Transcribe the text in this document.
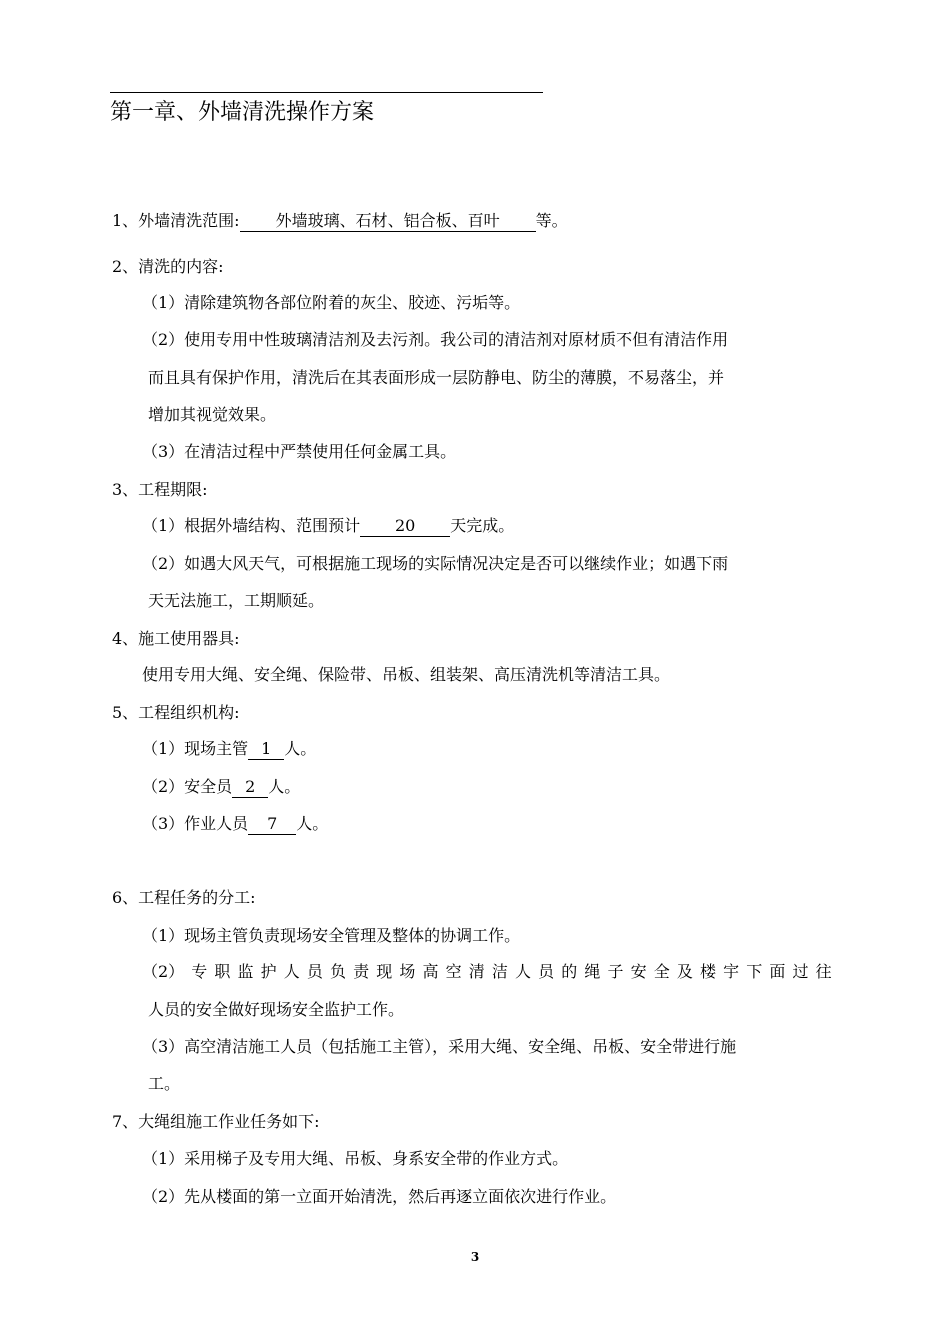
第一章、外墙清洗操作方案
1、外墙清洗范围: 外墙玻璃、石材、铝合板、百叶 等。
2、清洗的内容:
（1）清除建筑物各部位附着的灰尘、胶迹、污垢等。
（2）使用专用中性玻璃清洁剂及去污剂。我公司的清洁剂对原材质不但有清洁作用
而且具有保护作用，清洗后在其表面形成一层防静电、防尘的薄膜，不易落尘，并
增加其视觉效果。
（3）在清洁过程中严禁使用任何金属工具。
3、工程期限:
（1）根据外墙结构、范围预计 20 天完成。
（2）如遇大风天气，可根据施工现场的实际情况决定是否可以继续作业；如遇下雨
天无法施工，工期顺延。
4、施工使用器具:
使用专用大绳、安全绳、保险带、吊板、组装架、高压清洗机等清洁工具。
5、工程组织机构:
（1）现场主管 1 人。
（2）安全员 2 人。
（3）作业人员 7 人。
6、工程任务的分工:
（1）现场主管负责现场安全管理及整体的协调工作。
（2） 专 职 监 护 人 员 负 责 现 场 高 空 清 洁 人 员 的 绳 子 安 全 及 楼 宇 下 面 过 往
人员的安全做好现场安全监护工作。
（3）高空清洁施工人员（包括施工主管），采用大绳、安全绳、吊板、安全带进行施
工。
7、大绳组施工作业任务如下:
（1）采用梯子及专用大绳、吊板、身系安全带的作业方式。
（2）先从楼面的第一立面开始清洗，然后再逐立面依次进行作业。
3
